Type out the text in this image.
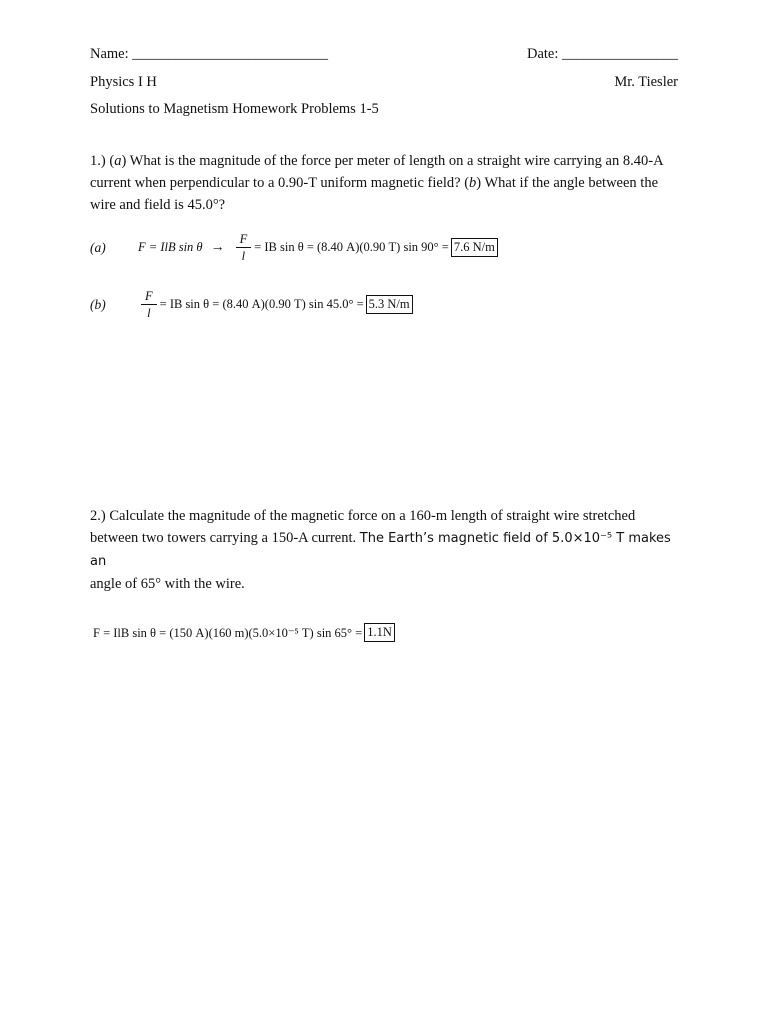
Name: ___________________________	Date: ________________
Physics I H	Mr. Tiesler
Solutions to Magnetism Homework Problems 1-5
1.) (a) What is the magnitude of the force per meter of length on a straight wire carrying an 8.40-A current when perpendicular to a 0.90-T uniform magnetic field? (b) What if the angle between the wire and field is 45.0°?
(a)	F = IlB $\sin \theta \to \frac{F}{l}$ = IB sin θ = (8.40 A)(0.90 T) sin 90° = 7.6 N/m
(b)	$\frac{F}{l}$ = IB sin θ = (8.40 A)(0.90 T) sin 45.0° = 5.3 N/m
2.) Calculate the magnitude of the magnetic force on a 160-m length of straight wire stretched
between two towers carrying a 150-A current. The Earth’s magnetic field of 5.0×10⁻⁵ T makes an
angle of 65° with the wire.
F = IlB sin θ = (150 A)(160 m)(5.0×10⁻⁵ T) sin 65° = 1.1N
